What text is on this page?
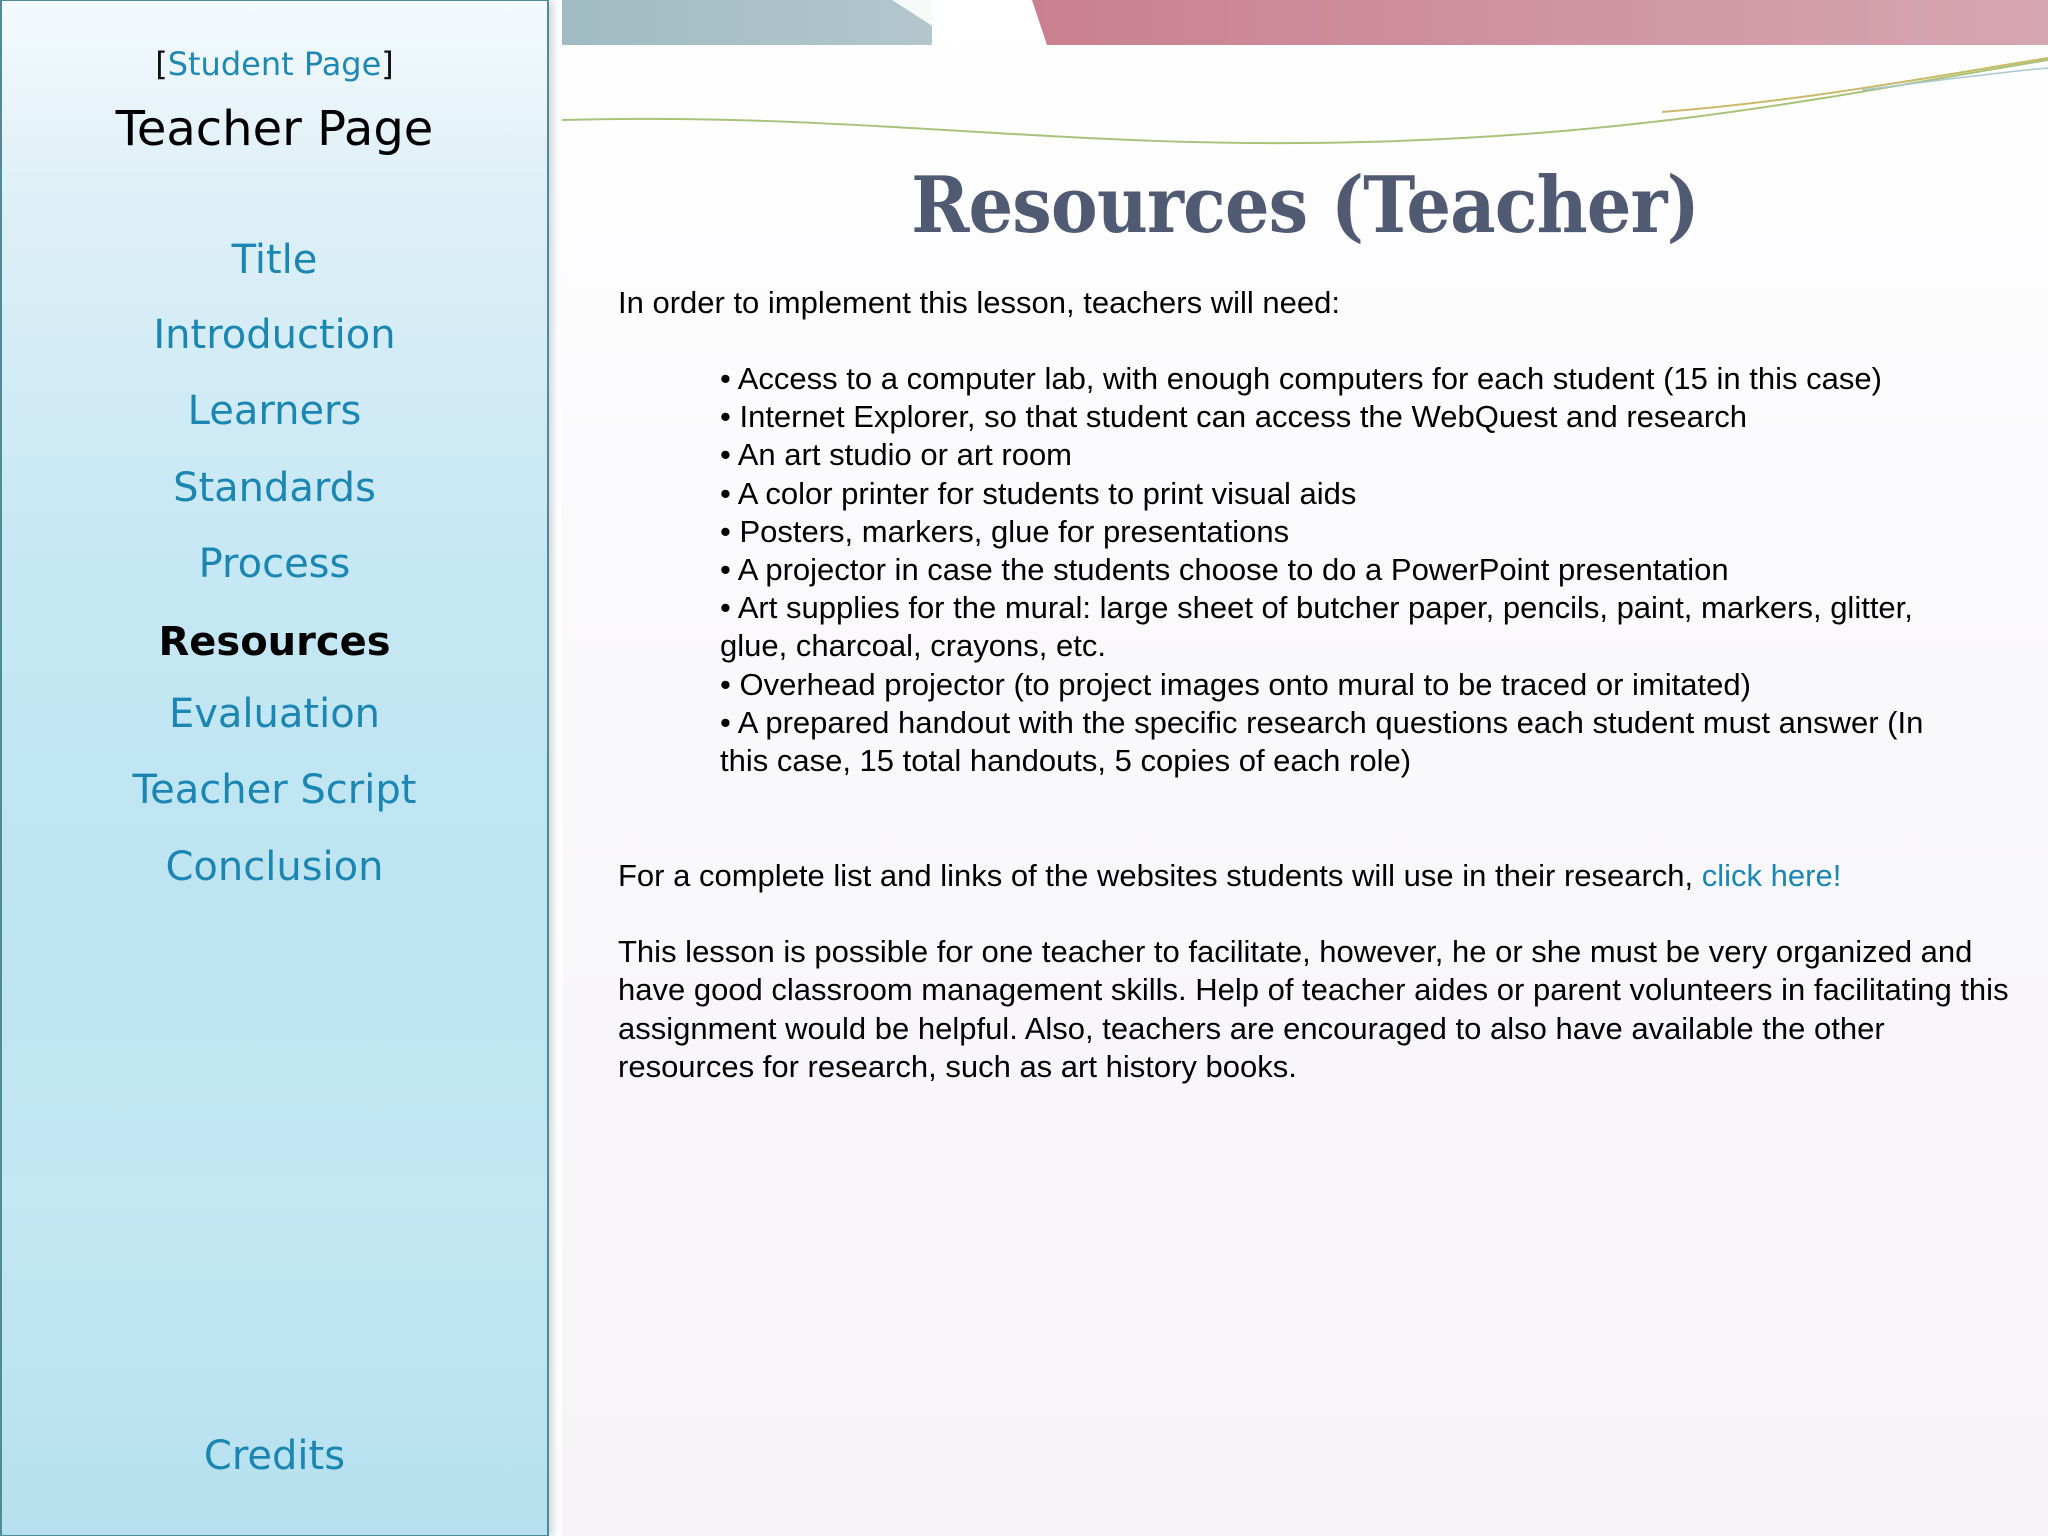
[Student Page]
Teacher Page
Title
Introduction
Learners
Standards
Process
Resources
Evaluation
Teacher Script
Conclusion
Credits
Resources (Teacher)
In order to implement this lesson, teachers will need:
• Access to a computer lab, with enough computers for each student (15 in this case)
• Internet Explorer, so that student can access the WebQuest and research
• An art studio or art room
• A color printer for students to print visual aids
• Posters, markers, glue for presentations
• A projector in case the students choose to do a PowerPoint presentation
• Art supplies for the mural: large sheet of butcher paper, pencils, paint, markers, glitter, glue, charcoal, crayons, etc.
• Overhead projector (to project images onto mural to be traced or imitated)
• A prepared handout with the specific research questions each student must answer (In this case, 15 total handouts, 5 copies of each role)
For a complete list and links of the websites students will use in their research, click here!
This lesson is possible for one teacher to facilitate, however, he or she must be very organized and have good classroom management skills. Help of teacher aides or parent volunteers in facilitating this assignment would be helpful. Also, teachers are encouraged to also have available the other resources for research, such as art history books.
